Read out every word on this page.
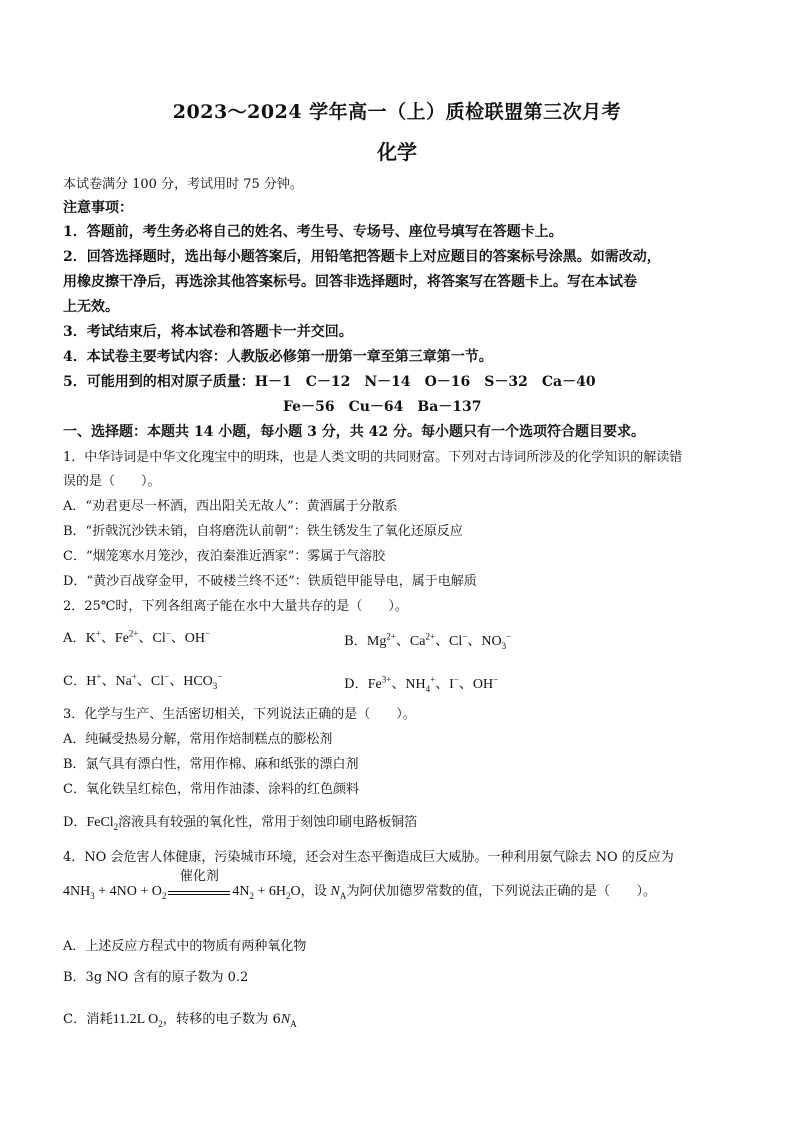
2023～2024 学年高一（上）质检联盟第三次月考
化学
本试卷满分 100 分，考试用时 75 分钟。
注意事项：
1．答题前，考生务必将自己的姓名、考生号、专场号、座位号填写在答题卡上。
2．回答选择题时，选出每小题答案后，用铅笔把答题卡上对应题目的答案标号涂黑。如需改动，
用橡皮擦干净后，再选涂其他答案标号。回答非选择题时，将答案写在答题卡上。写在本试卷
上无效。
3．考试结束后，将本试卷和答题卡一并交回。
4．本试卷主要考试内容：人教版必修第一册第一章至第三章第一节。
5．可能用到的相对原子质量：H－1　C－12　N－14　O－16　S－32　Ca－40
Fe－56　Cu－64　Ba－137
一、选择题：本题共 14 小题，每小题 3 分，共 42 分。每小题只有一个选项符合题目要求。
1．中华诗词是中华文化瑰宝中的明珠，也是人类文明的共同财富。下列对古诗词所涉及的化学知识的解读错
误的是（　　）。
A．“劝君更尽一杯酒，西出阳关无故人”：黄酒属于分散系
B．“折戟沉沙铁未销，自将磨洗认前朝”：铁生锈发生了氧化还原反应
C．“烟笼寒水月笼沙，夜泊秦淮近酒家”：雾属于气溶胶
D．“黄沙百战穿金甲，不破楼兰终不还”：铁质铠甲能导电，属于电解质
2．25℃时，下列各组离子能在水中大量共存的是（　　）。
A．K+、$Fe^{2+}$、Cl−、OH−
B．$Mg^{2+}$、$Ca^{2+}$、Cl−、$NO_3^-$
C．H+、Na+、Cl−、$HCO_3^-$
D．$Fe^{3+}$、$NH_4^+$、I−、OH−
3．化学与生产、生活密切相关，下列说法正确的是（　　）。
A．纯碱受热易分解，常用作焙制糕点的膨松剂
B．氯气具有漂白性，常用作棉、麻和纸张的漂白剂
C．氧化铁呈红棕色，常用作油漆、涂料的红色颜料
D．FeCl$_2$溶液具有较强的氧化性，常用于刻蚀印刷电路板铜箔
4．NO 会危害人体健康，污染城市环境，还会对生态平衡造成巨大威胁。一种利用氨气除去 NO 的反应为
$4NH_3 + 4NO + O_2$
催化剂
$4N_2 + 6H_2O$，设 $N_A$为阿伏加德罗常数的值，下列说法正确的是（　　）。
A．上述反应方程式中的物质有两种氧化物
B．3g NO 含有的原子数为 0.2
C．消耗11.2L $O_2$，转移的电子数为 $6N_A$
